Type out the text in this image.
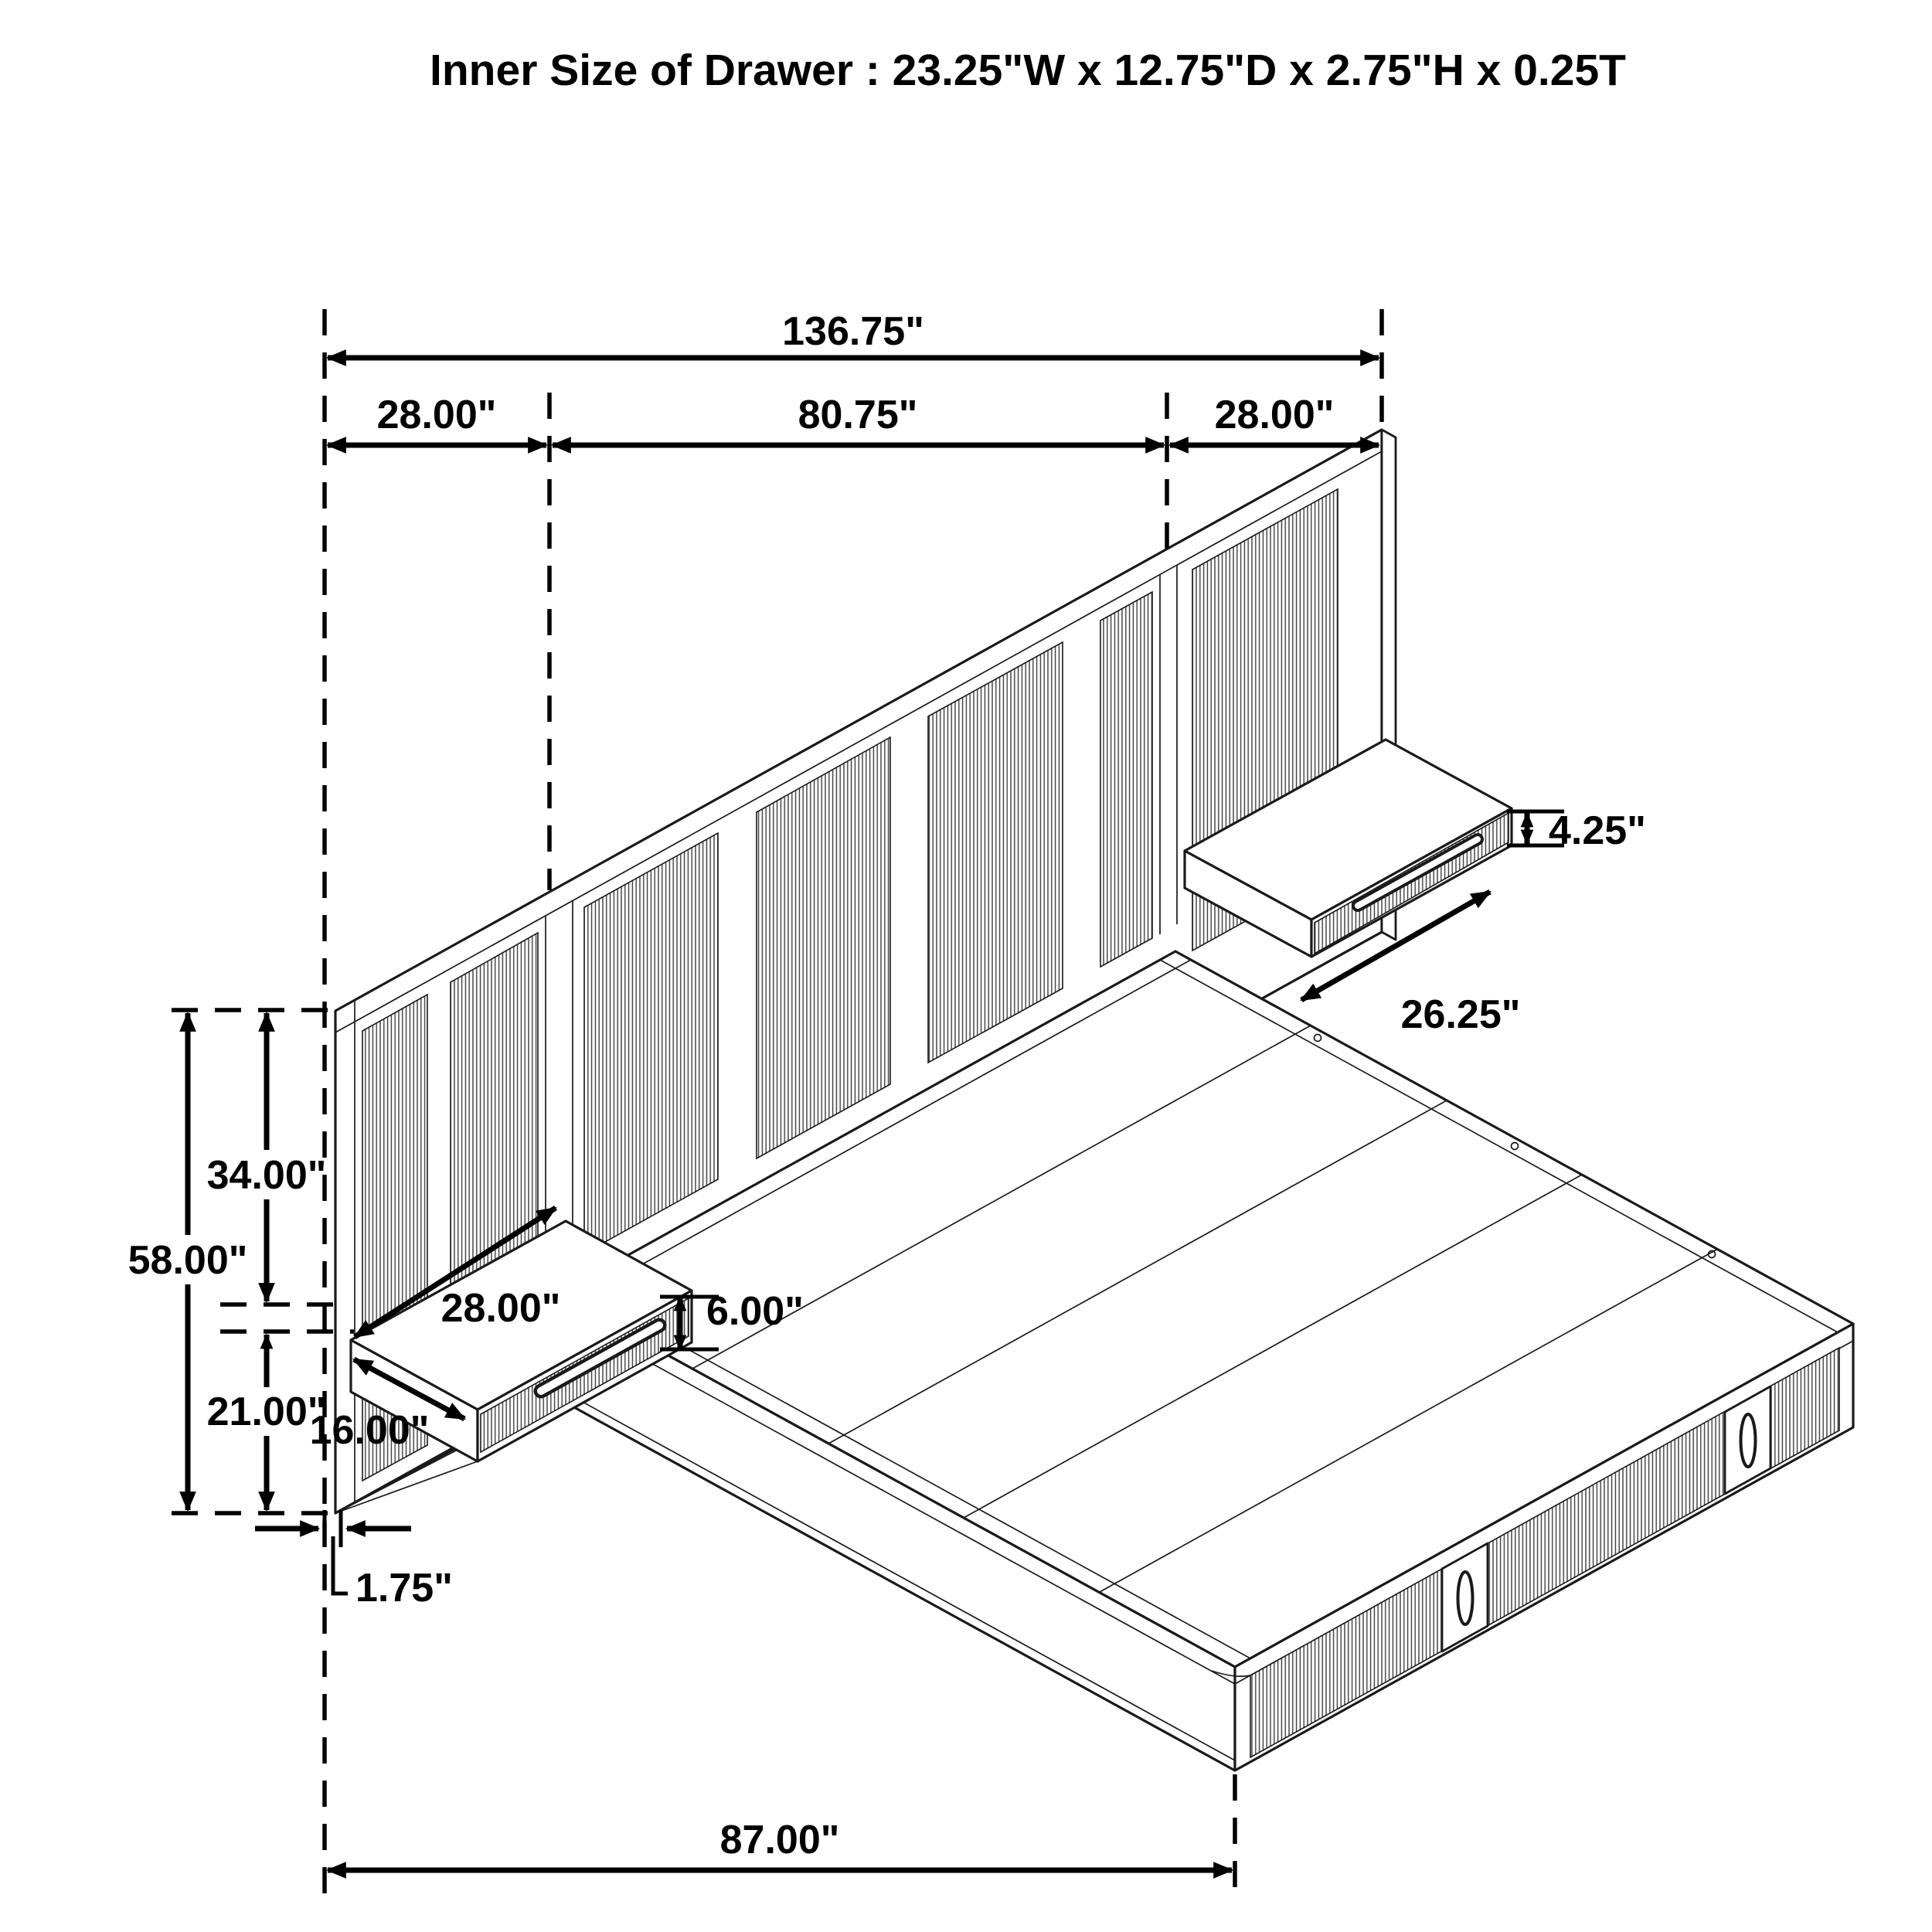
Inner Size of Drawer : 23.25"W x 12.75"D x 2.75"H x 0.25T
136.75"
28.00"	80.75"	28.00"
58.00"
34.00"
21.00"
28.00"
16.00"
6.00"
4.25"
26.25"
1.75"
87.00"
